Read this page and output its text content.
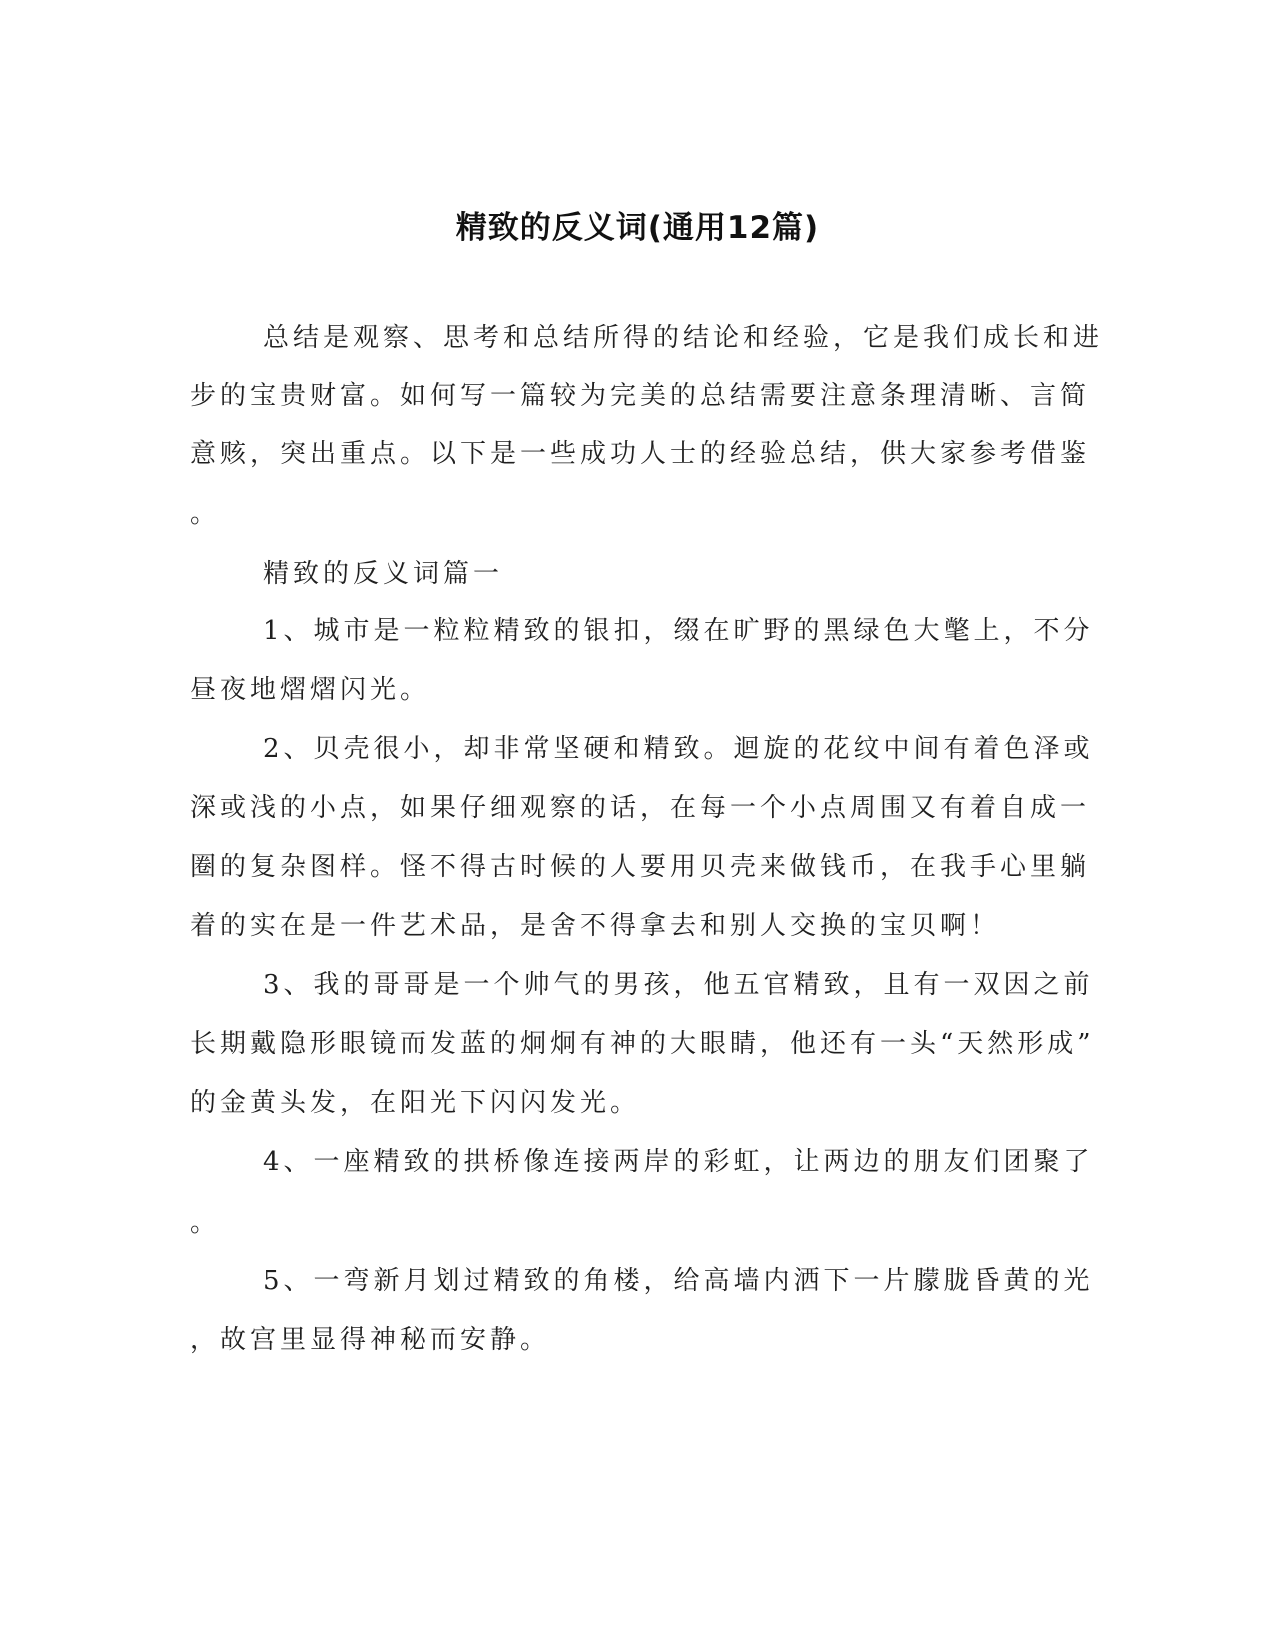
精致的反义词(通用12篇)

总结是观察、思考和总结所得的结论和经验，它是我们成长和进

步的宝贵财富。如何写一篇较为完美的总结需要注意条理清晰、言简

意赅，突出重点。以下是一些成功人士的经验总结，供大家参考借鉴

。

精致的反义词篇一

1、城市是一粒粒精致的银扣，缀在旷野的黑绿色大氅上，不分

昼夜地熠熠闪光。

2、贝壳很小，却非常坚硬和精致。迴旋的花纹中间有着色泽或

深或浅的小点，如果仔细观察的话，在每一个小点周围又有着自成一

圈的复杂图样。怪不得古时候的人要用贝壳来做钱币，在我手心里躺

着的实在是一件艺术品，是舍不得拿去和别人交换的宝贝啊！

3、我的哥哥是一个帅气的男孩，他五官精致，且有一双因之前

长期戴隐形眼镜而发蓝的炯炯有神的大眼睛，他还有一头“天然形成”

的金黄头发，在阳光下闪闪发光。

4、一座精致的拱桥像连接两岸的彩虹，让两边的朋友们团聚了

。

5、一弯新月划过精致的角楼，给高墙内洒下一片朦胧昏黄的光

，故宫里显得神秘而安静。
